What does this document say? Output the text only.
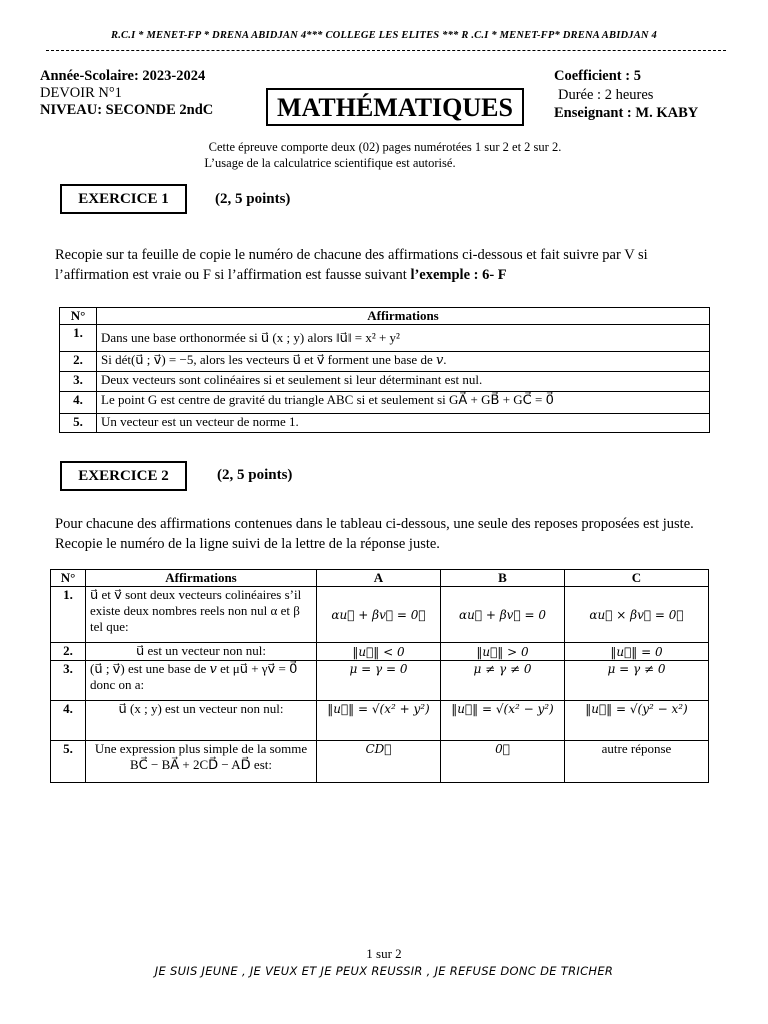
R.C.I * MENET-FP * DRENA ABIDJAN 4*** COLLEGE LES ELITES *** R .C.I * MENET-FP* DRENA ABIDJAN 4
Année-Scolaire: 2023-2024
DEVOIR N°1
NIVEAU: SECONDE 2ndC	MATHÉMATIQUES
Coefficient : 5
Durée : 2 heures
Enseignant : M. KABY
Cette épreuve comporte deux (02) pages numérotées 1 sur 2 et 2 sur 2.
L’usage de la calculatrice scientifique est autorisé.
EXERCICE 1	(2, 5 points)
Recopie sur ta feuille de copie le numéro de chacune des affirmations ci-dessous et fait suivre par V si l’affirmation est vraie ou F si l’affirmation est fausse suivant l’exemple : 6- F
N°	Affirmations
1.	Dans une base orthonormée si u⃗ (x ; y) alors ‖u⃗‖ = x² + y²
2.	Si dét(u⃗ ; v⃗) = −5, alors les vecteurs u⃗ et v⃗ forment une base de 𝑣.
3.	Deux vecteurs sont colinéaires si et seulement si leur déterminant est nul.
4.	Le point G est centre de gravité du triangle ABC si et seulement si GA⃗ + GB⃗ + GC⃗ = 0⃗
5.	Un vecteur est un vecteur de norme 1.
EXERCICE 2	(2, 5 points)
Pour chacune des affirmations contenues dans le tableau ci-dessous, une seule des reposes proposées est juste. Recopie le numéro de la ligne suivi de la lettre de la réponse juste.
N°	Affirmations	A	B	C
1.	u⃗ et v⃗ sont deux vecteurs colinéaires s’il existe deux nombres reels non nul α et β tel que:	αu⃗ + βv⃗ = 0⃗	αu⃗ + βv⃗ = 0	αu⃗ × βv⃗ = 0⃗
2.	u⃗ est un vecteur non nul:	‖u⃗‖ < 0	‖u⃗‖ > 0	‖u⃗‖ = 0
3.	(u⃗ ; v⃗) est une base de 𝑣 et μu⃗ + γv⃗ = 0⃗ donc on a:	μ = γ = 0	μ ≠ γ ≠ 0	μ = γ ≠ 0
4.	u⃗ (x ; y) est un vecteur non nul:	‖u⃗‖ = √(x² + y²)	‖u⃗‖ = √(x² − y²)	‖u⃗‖ = √(y² − x²)
5.	Une expression plus simple de la somme BC⃗ − BA⃗ + 2CD⃗ − AD⃗ est:	CD⃗	0⃗	autre réponse
1 sur 2
JE SUIS JEUNE , JE VEUX ET JE PEUX REUSSIR , JE REFUSE DONC DE TRICHER
